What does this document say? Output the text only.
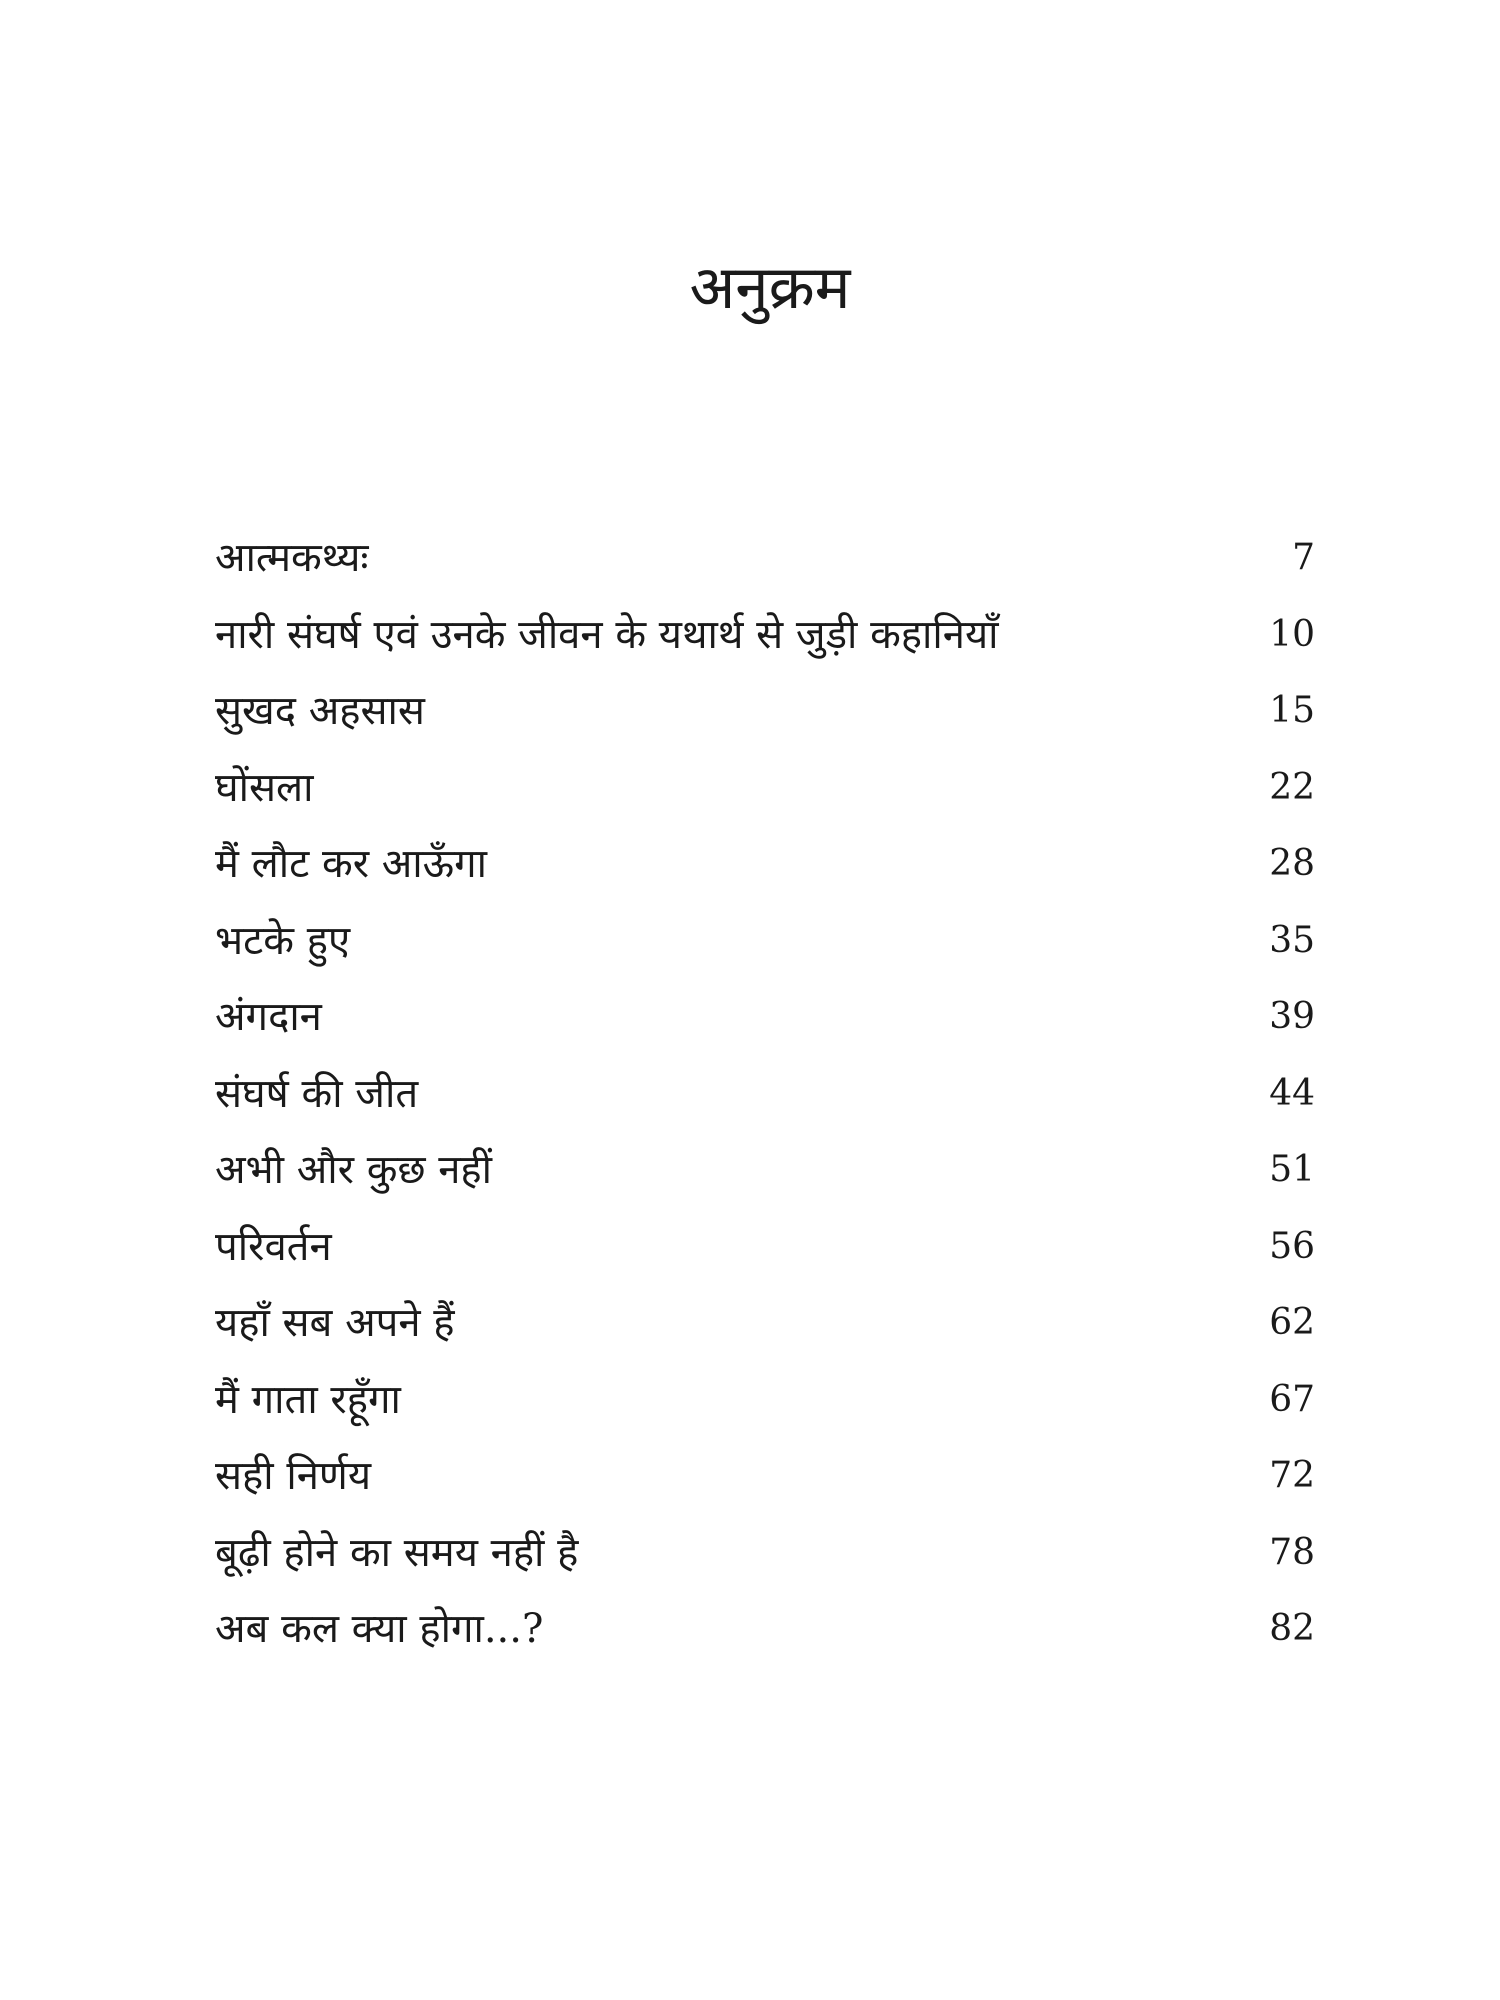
अनुक्रम
आत्मकथ्यः	7
नारी संघर्ष एवं उनके जीवन के यथार्थ से जुड़ी कहानियाँ	10
सुखद अहसास	15
घोंसला	22
मैं लौट कर आऊँगा	28
भटके हुए	35
अंगदान	39
संघर्ष की जीत	44
अभी और कुछ नहीं	51
परिवर्तन	56
यहाँ सब अपने हैं	62
मैं गाता रहूँगा	67
सही निर्णय	72
बूढ़ी होने का समय नहीं है	78
अब कल क्या होगा...?	82
